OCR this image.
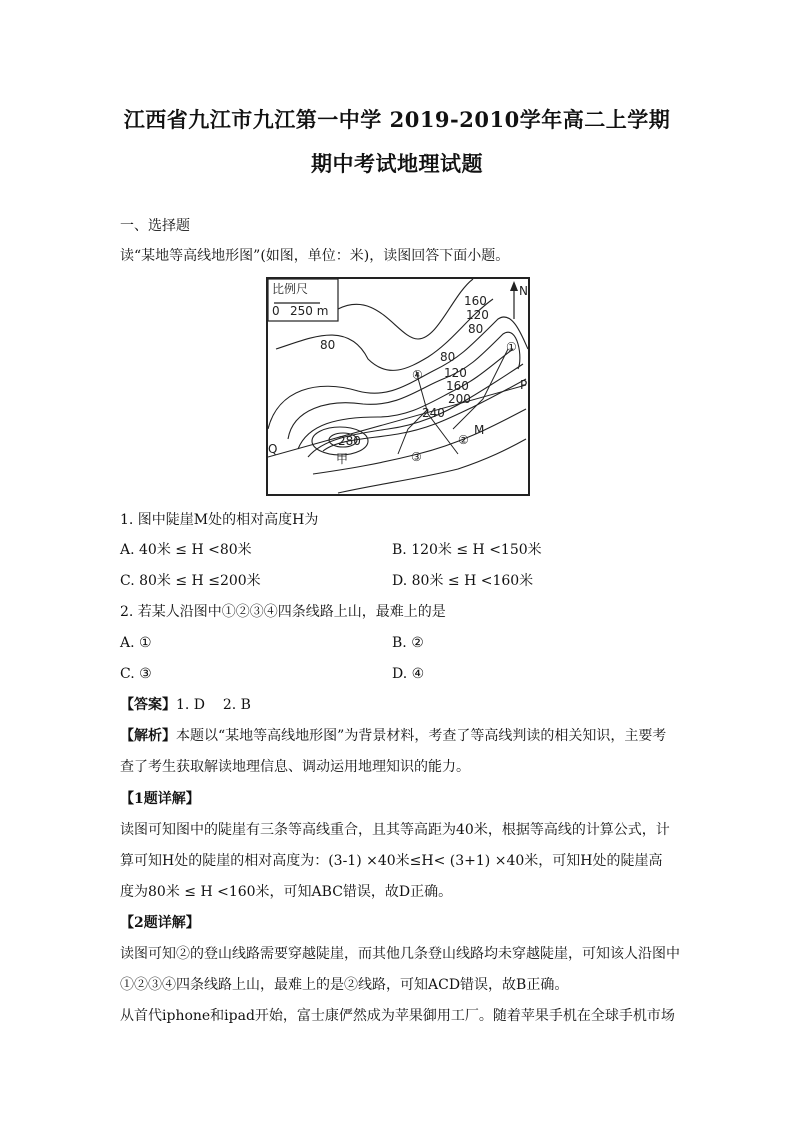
江西省九江市九江第一中学 2019-2010学年高二上学期
期中考试地理试题
一、选择题
读“某地等高线地形图”(如图，单位：米)，读图回答下面小题。
比例尺
0 250 m
N
160
120
80
80
80
120
160
200
240
280
①
②
③
④
M
P
Q
甲
1. 图中陡崖M处的相对高度H为
A. 40米 ≤ H <80米	B. 120米 ≤ H <150米
C. 80米 ≤ H ≤200米	D. 80米 ≤ H <160米
2. 若某人沿图中①②③④四条线路上山，最难上的是
A. ①	B. ②
C. ③	D. ④
【答案】1. D    2. B
【解析】本题以“某地等高线地形图”为背景材料，考查了等高线判读的相关知识，主要考
查了考生获取解读地理信息、调动运用地理知识的能力。
【1题详解】
读图可知图中的陡崖有三条等高线重合，且其等高距为40米，根据等高线的计算公式，计
算可知H处的陡崖的相对高度为：(3-1) ×40米≤H< (3+1) ×40米，可知H处的陡崖高
度为80米 ≤ H <160米，可知ABC错误，故D正确。
【2题详解】
读图可知②的登山线路需要穿越陡崖，而其他几条登山线路均未穿越陡崖，可知该人沿图中
①②③④四条线路上山，最难上的是②线路，可知ACD错误，故B正确。
从首代iphone和ipad开始，富士康俨然成为苹果御用工厂。随着苹果手机在全球手机市场
